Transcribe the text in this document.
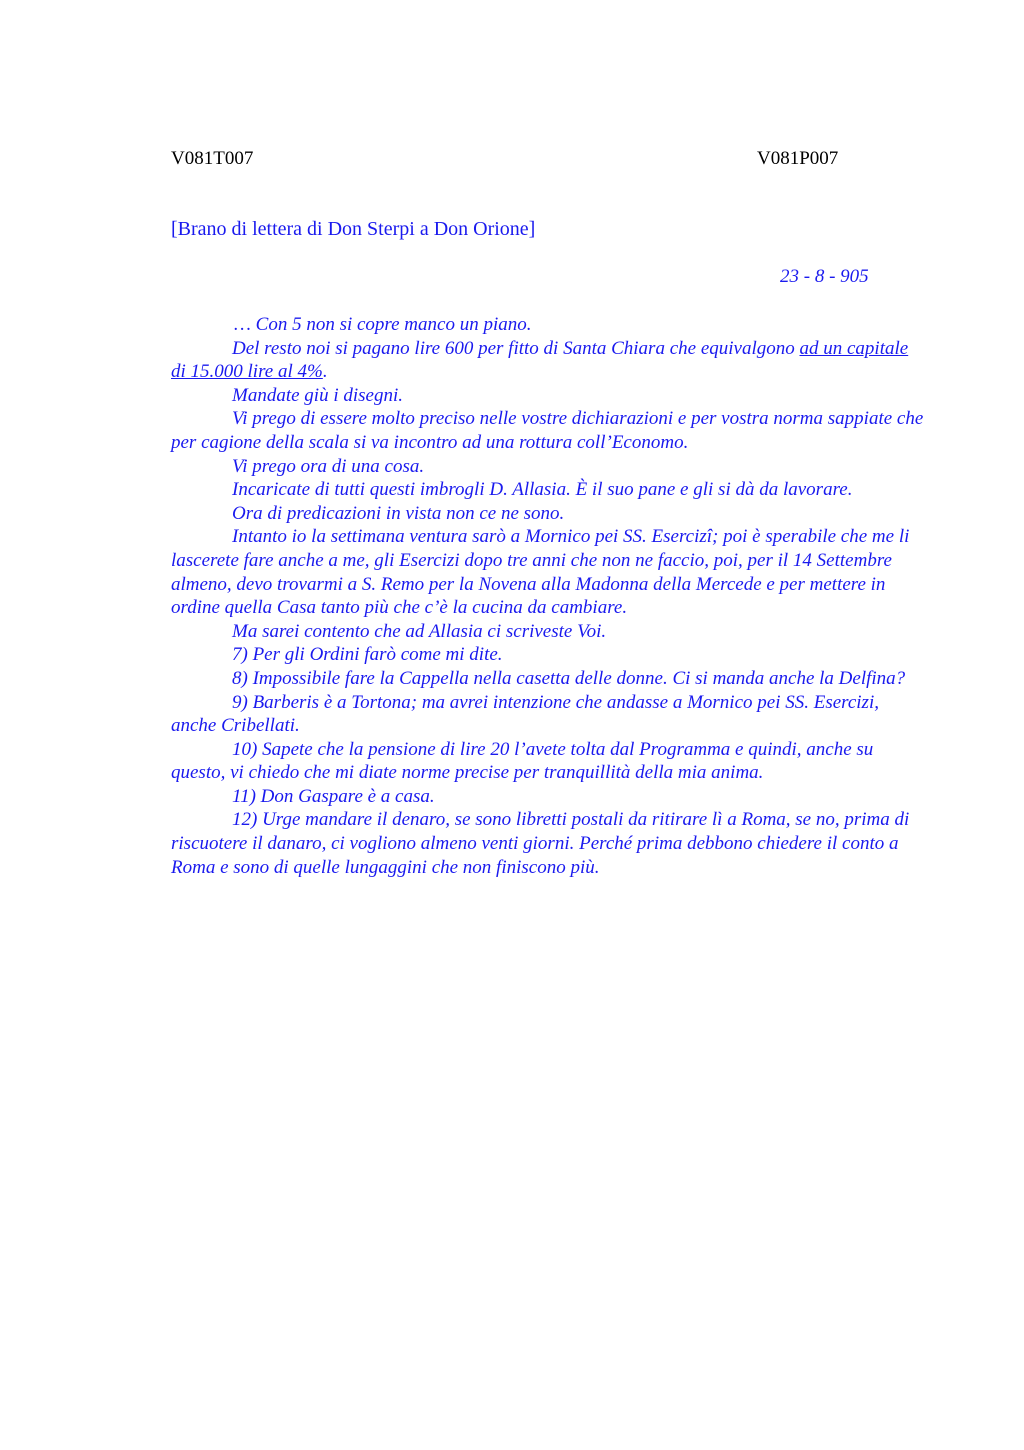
V081T007	V081P007
[Brano di lettera di Don Sterpi a Don Orione]
23 - 8 - 905

… Con 5 non si copre manco un piano.

Del resto noi si pagano lire 600 per fitto di Santa Chiara che equivalgono ad un capitale di 15.000 lire al 4%.

Mandate giù i disegni.

Vi prego di essere molto preciso nelle vostre dichiarazioni e per vostra norma sappiate che per cagione della scala si va incontro ad una rottura coll’Economo.

Vi prego ora di una cosa.

Incaricate di tutti questi imbrogli D. Allasia. È il suo pane e gli si dà da lavorare.

Ora di predicazioni in vista non ce ne sono.

Intanto io la settimana ventura sarò a Mornico pei SS. Esercizî; poi è sperabile che me li lascerete fare anche a me, gli Esercizi dopo tre anni che non ne faccio, poi, per il 14 Settembre almeno, devo trovarmi a S. Remo per la Novena alla Madonna della Mercede e per mettere in ordine quella Casa tanto più che c’è la cucina da cambiare.

Ma sarei contento che ad Allasia ci scriveste Voi.

7) Per gli Ordini farò come mi dite.

8) Impossibile fare la Cappella nella casetta delle donne. Ci si manda anche la Delfina?

9) Barberis è a Tortona; ma avrei intenzione che andasse a Mornico pei SS. Esercizi, anche Cribellati.

10) Sapete che la pensione di lire 20 l’avete tolta dal Programma e quindi, anche su questo, vi chiedo che mi diate norme precise per tranquillità della mia anima.

11) Don Gaspare è a casa.

12) Urge mandare il denaro, se sono libretti postali da ritirare lì a Roma, se no, prima di riscuotere il danaro, ci vogliono almeno venti giorni. Perché prima debbono chiedere il conto a Roma e sono di quelle lungaggini che non finiscono più.
